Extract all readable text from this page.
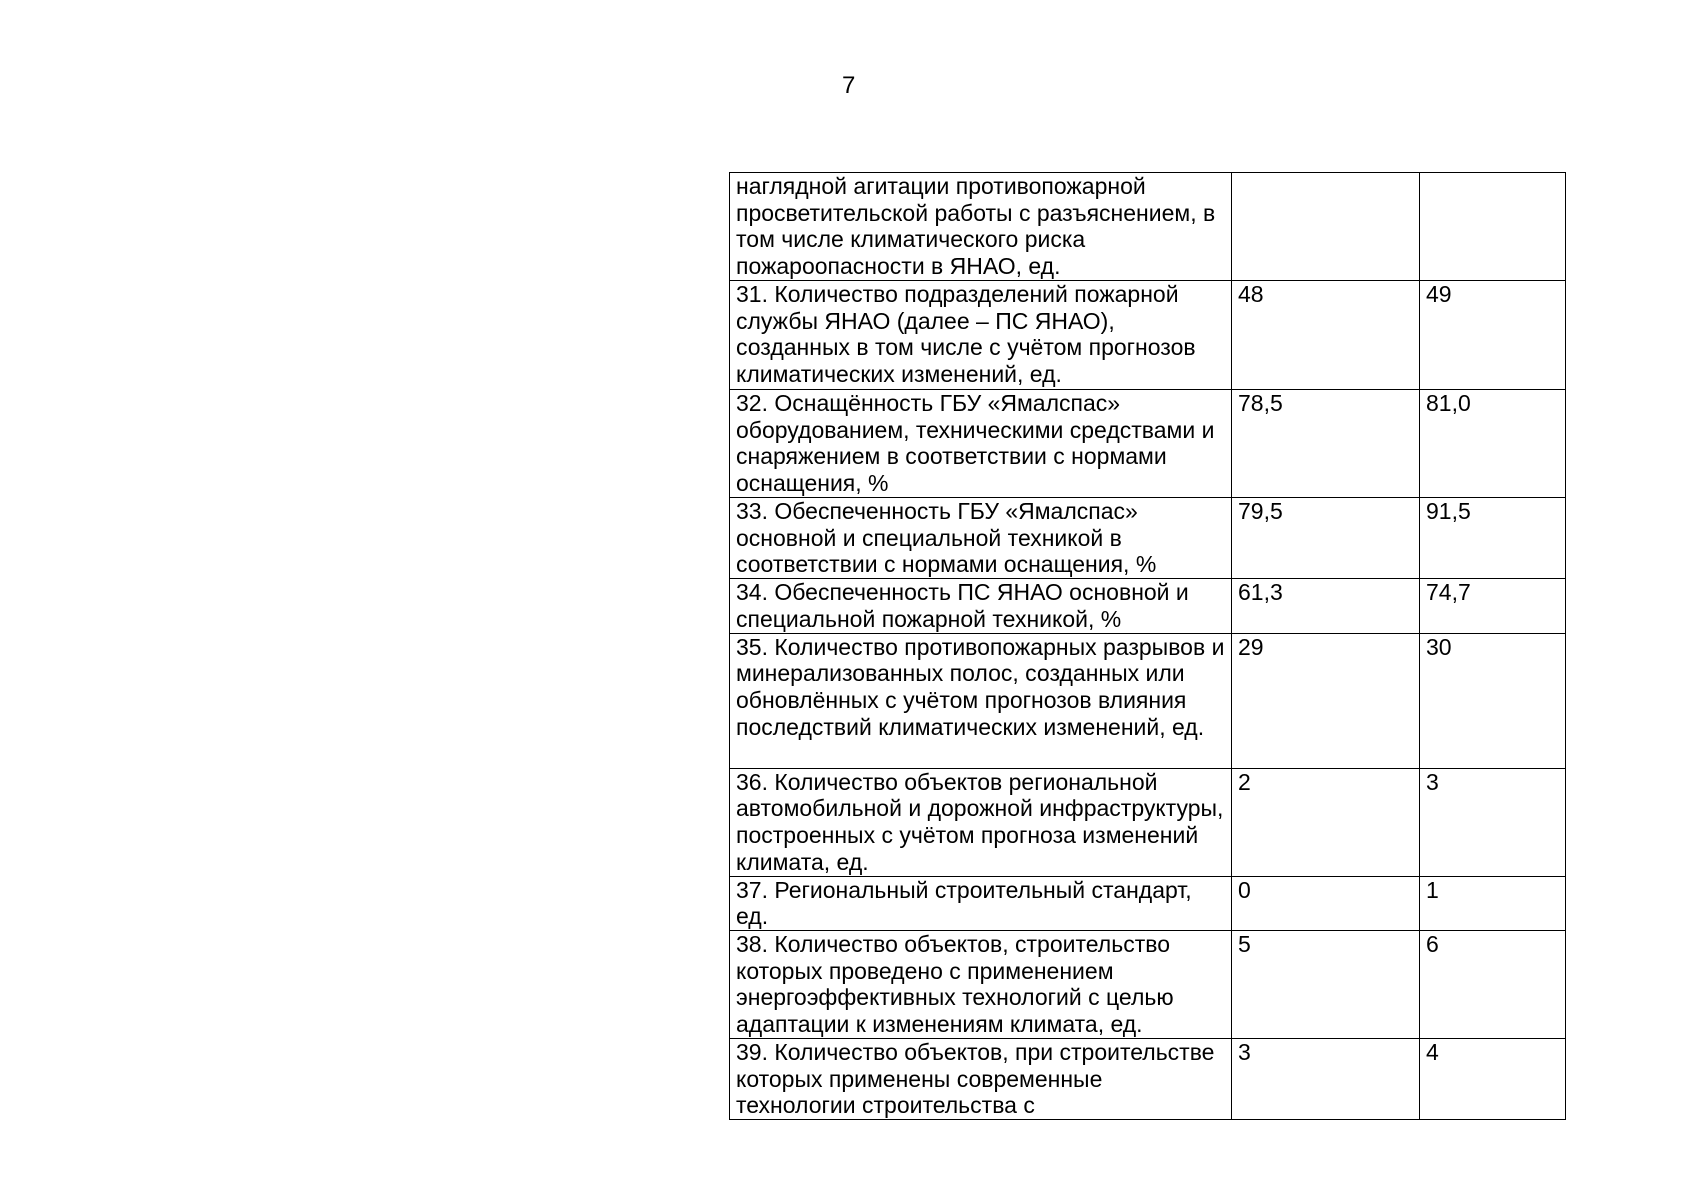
7
наглядной агитации противопожарной просветительской работы с разъяснением, в том числе климатического риска пожароопасности в ЯНАО, ед.		
31. Количество подразделений пожарной службы ЯНАО (далее – ПС ЯНАО), созданных в том числе с учётом прогнозов климатических изменений, ед.	48	49
32. Оснащённость ГБУ «Ямалспас» оборудованием, техническими средствами и снаряжением в соответствии с нормами оснащения, %	78,5	81,0
33. Обеспеченность ГБУ «Ямалспас» основной и специальной техникой в соответствии с нормами оснащения, %	79,5	91,5
34. Обеспеченность ПС ЯНАО основной и специальной пожарной техникой, %	61,3	74,7
35. Количество противопожарных разрывов и минерализованных полос, созданных или обновлённых с учётом прогнозов влияния последствий климатических изменений, ед.	29	30
36. Количество объектов региональной автомобильной и дорожной инфраструктуры, построенных с учётом прогноза изменений климата, ед.	2	3
37. Региональный строительный стандарт, ед.	0	1
38. Количество объектов, строительство которых проведено с применением энергоэффективных технологий с целью адаптации к изменениям климата, ед.	5	6
39. Количество объектов, при строительстве которых применены современные технологии строительства с	3	4
